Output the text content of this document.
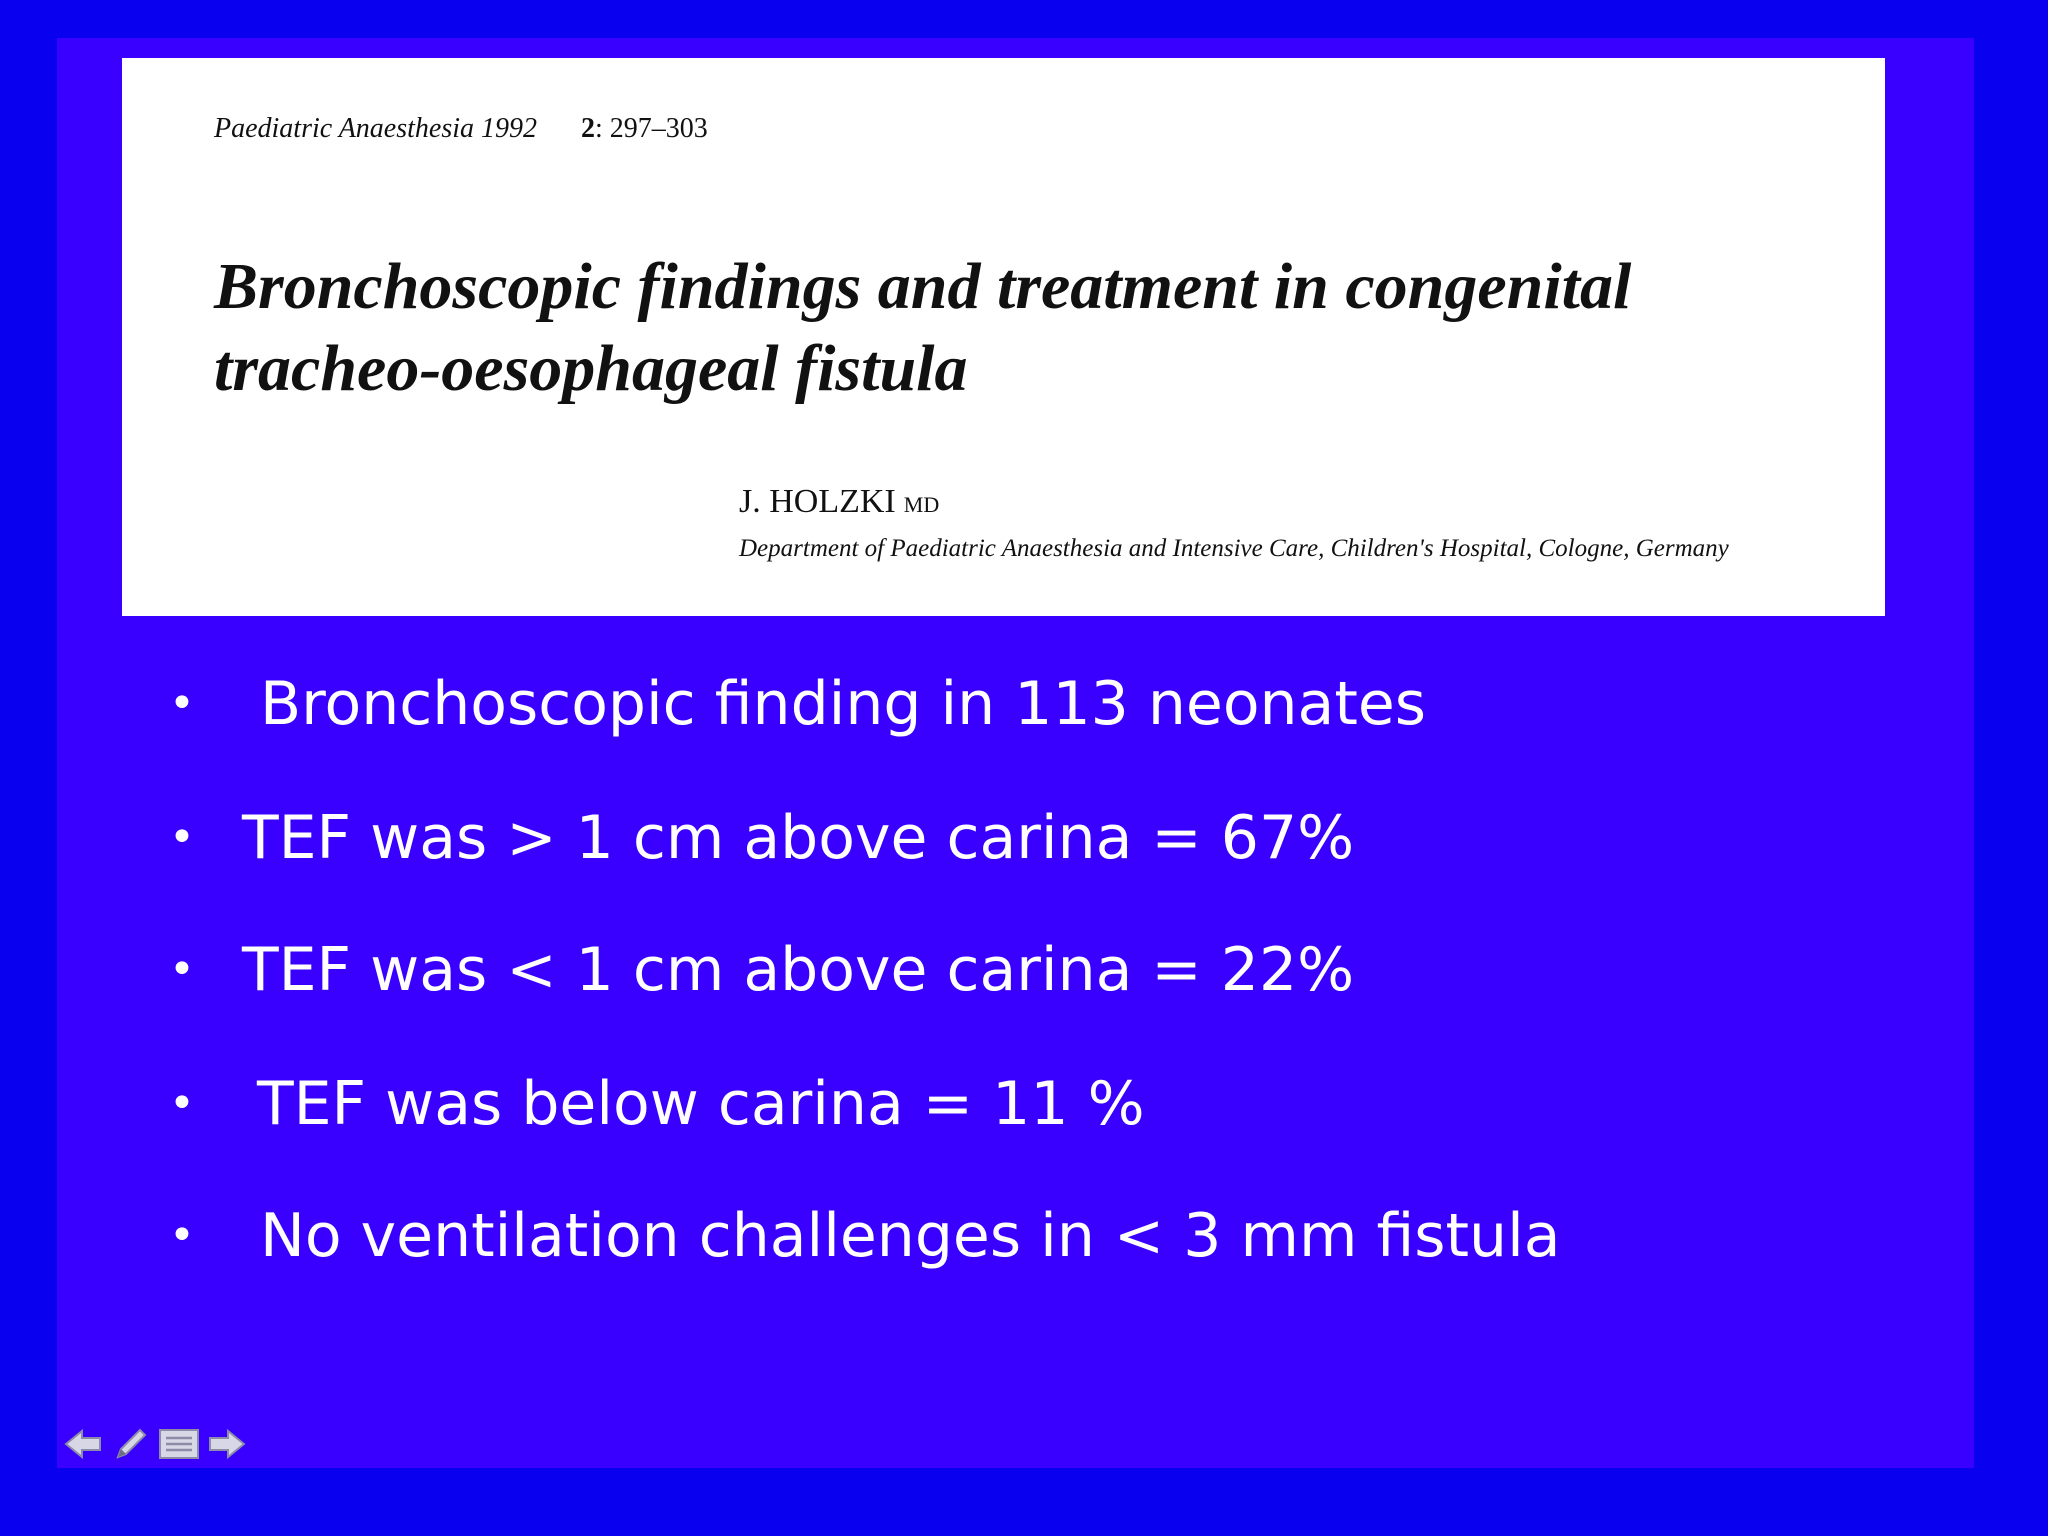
Paediatric Anaesthesia 1992 2: 297–303
Bronchoscopic findings and treatment in congenital tracheo-oesophageal fistula
J. HOLZKI MD
Department of Paediatric Anaesthesia and Intensive Care, Children's Hospital, Cologne, Germany
• Bronchoscopic finding in 113 neonates
• TEF was > 1 cm above carina = 67%
• TEF was < 1 cm above carina = 22%
• TEF was below carina = 11 %
• No ventilation challenges in < 3 mm fistula
